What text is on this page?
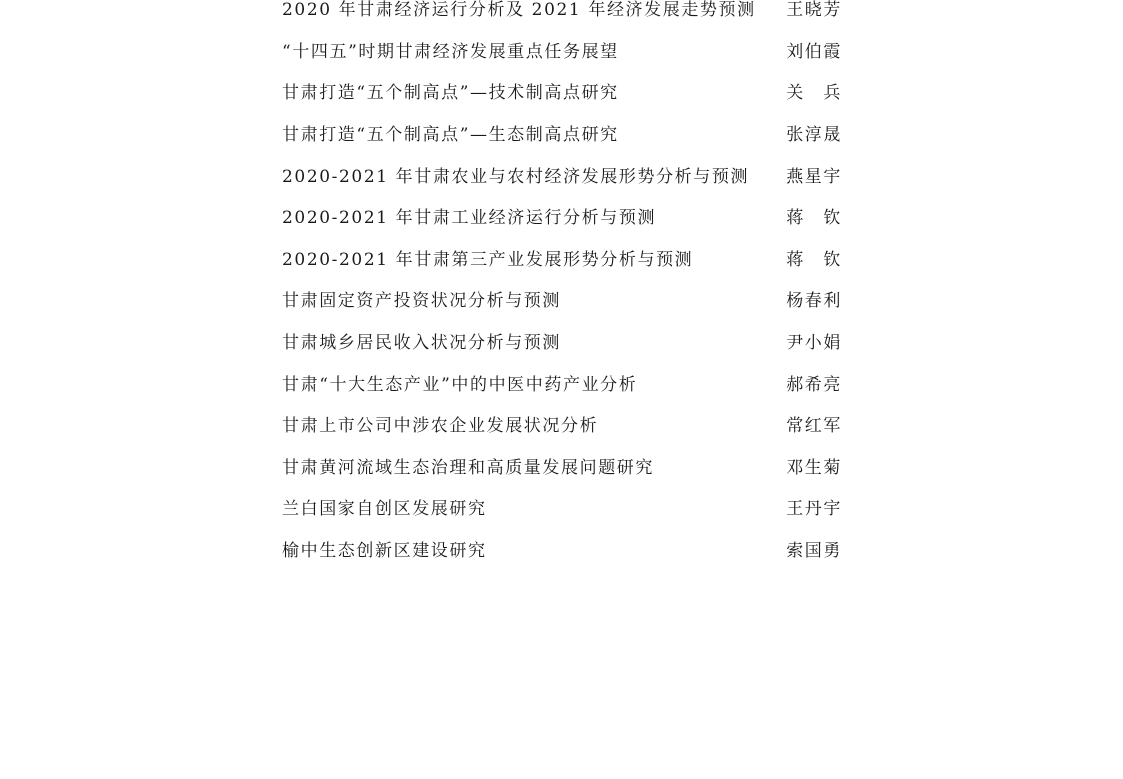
2020 年甘肃经济运行分析及 2021 年经济发展走势预测 王晓芳
“十四五”时期甘肃经济发展重点任务展望	刘伯霞
甘肃打造“五个制高点”—技术制高点研究	关　兵
甘肃打造“五个制高点”—生态制高点研究	张淳晟
2020-2021 年甘肃农业与农村经济发展形势分析与预测 燕星宇
2020-2021 年甘肃工业经济运行分析与预测	蒋　钦
2020-2021 年甘肃第三产业发展形势分析与预测	蒋　钦
甘肃固定资产投资状况分析与预测	杨春利
甘肃城乡居民收入状况分析与预测	尹小娟
甘肃“十大生态产业”中的中医中药产业分析	郝希亮
甘肃上市公司中涉农企业发展状况分析	常红军
甘肃黄河流域生态治理和高质量发展问题研究	邓生菊
兰白国家自创区发展研究	王丹宇
榆中生态创新区建设研究	索国勇
